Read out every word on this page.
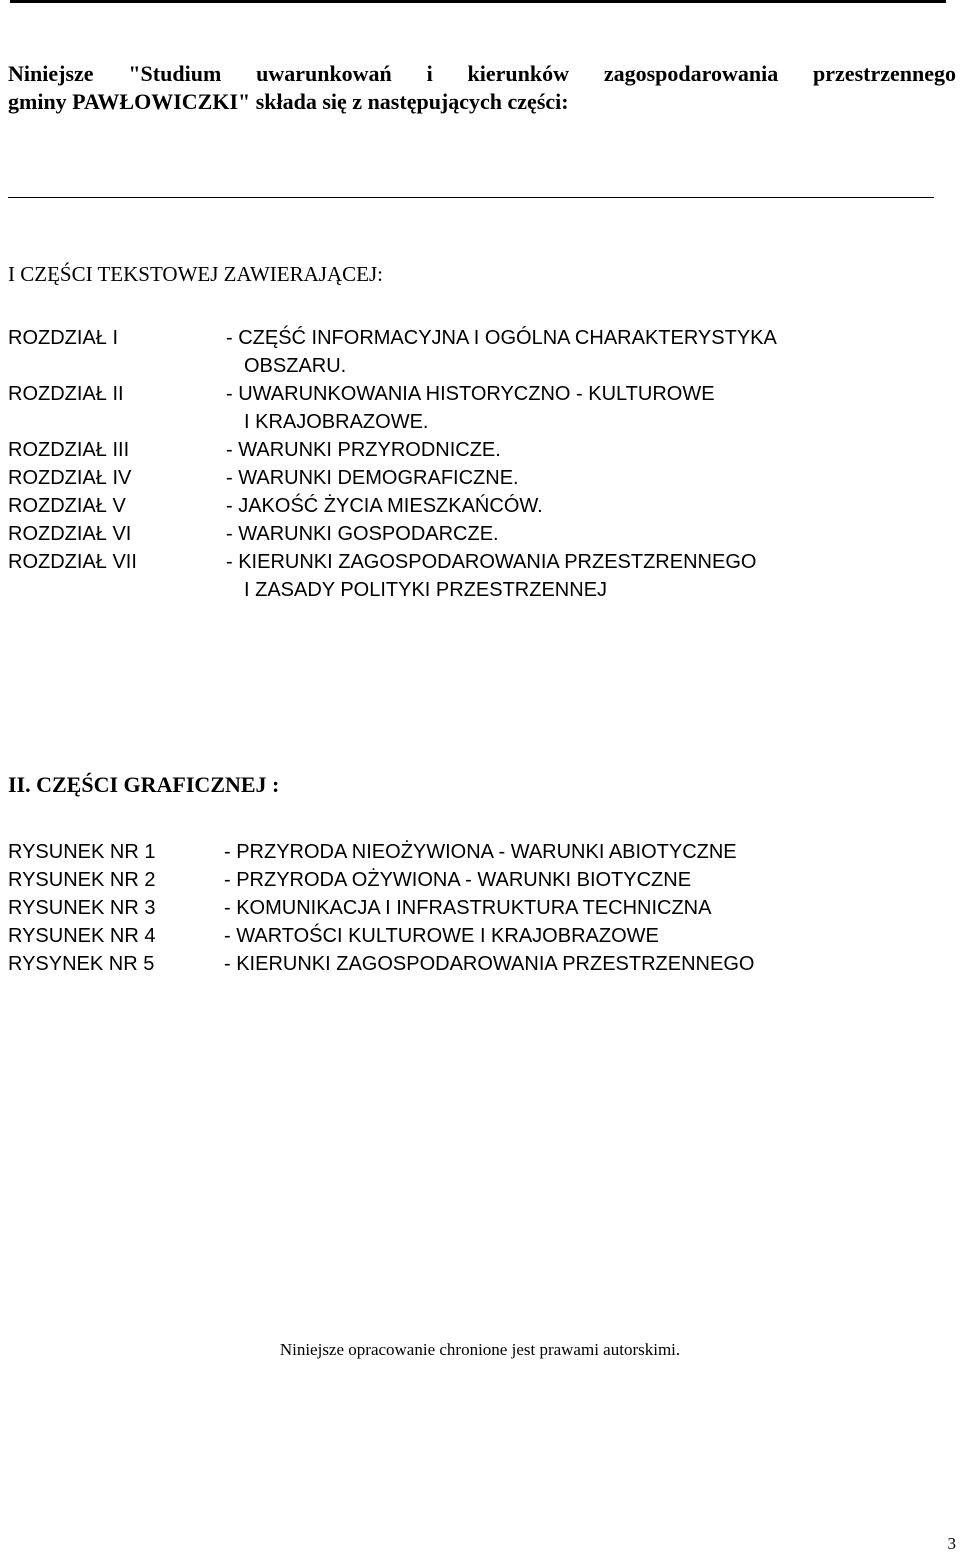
Niniejsze "Studium uwarunkowań i kierunków zagospodarowania przestrzennego
gminy PAWŁOWICZKI" składa się z następujących części:
I CZĘŚCI TEKSTOWEJ ZAWIERAJĄCEJ:
ROZDZIAŁ I	- CZĘŚĆ INFORMACYJNA I OGÓLNA CHARAKTERYSTYKA
OBSZARU.
ROZDZIAŁ II	- UWARUNKOWANIA HISTORYCZNO - KULTUROWE
I KRAJOBRAZOWE.
ROZDZIAŁ III	- WARUNKI PRZYRODNICZE.
ROZDZIAŁ IV	- WARUNKI DEMOGRAFICZNE.
ROZDZIAŁ V	- JAKOŚĆ ŻYCIA MIESZKAŃCÓW.
ROZDZIAŁ VI	- WARUNKI GOSPODARCZE.
ROZDZIAŁ VII	- KIERUNKI ZAGOSPODAROWANIA PRZESTZRENNEGO
I ZASADY POLITYKI PRZESTRZENNEJ
II. CZĘŚCI GRAFICZNEJ :
RYSUNEK NR 1	- PRZYRODA NIEOŻYWIONA - WARUNKI ABIOTYCZNE
RYSUNEK NR 2	- PRZYRODA OŻYWIONA - WARUNKI BIOTYCZNE
RYSUNEK NR 3	- KOMUNIKACJA I INFRASTRUKTURA TECHNICZNA
RYSUNEK NR 4	- WARTOŚCI KULTUROWE I KRAJOBRAZOWE
RYSYNEK NR 5	- KIERUNKI ZAGOSPODAROWANIA PRZESTRZENNEGO
Niniejsze opracowanie chronione jest prawami autorskimi.
3
